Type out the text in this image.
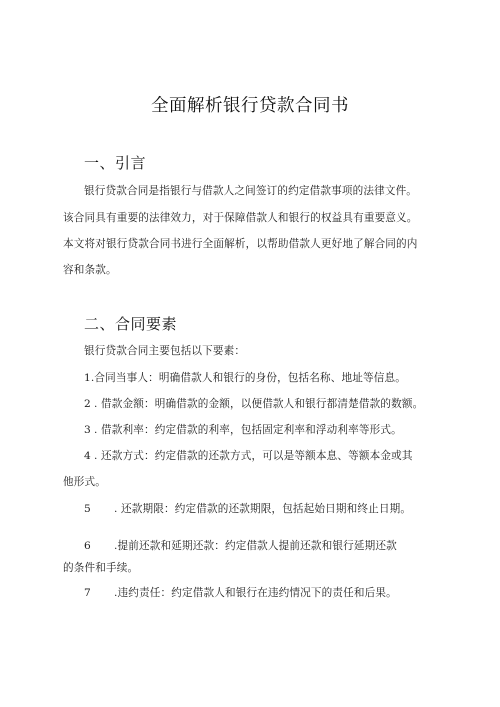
全面解析银行贷款合同书
一、引言
银行贷款合同是指银行与借款人之间签订的约定借款事项的法律文件。
该合同具有重要的法律效力，对于保障借款人和银行的权益具有重要意义。
本文将对银行贷款合同书进行全面解析，以帮助借款人更好地了解合同的内
容和条款。
二、合同要素
银行贷款合同主要包括以下要素：
1.合同当事人：明确借款人和银行的身份，包括名称、地址等信息。
2 . 借款金额：明确借款的金额，以便借款人和银行都清楚借款的数额。
3 . 借款利率：约定借款的利率，包括固定利率和浮动利率等形式。
4 . 还款方式：约定借款的还款方式，可以是等额本息、等额本金或其
他形式。
5 . 还款期限：约定借款的还款期限，包括起始日期和终止日期。
6 .提前还款和延期还款：约定借款人提前还款和银行延期还款
的条件和手续。
7 .违约责任：约定借款人和银行在违约情况下的责任和后果。
